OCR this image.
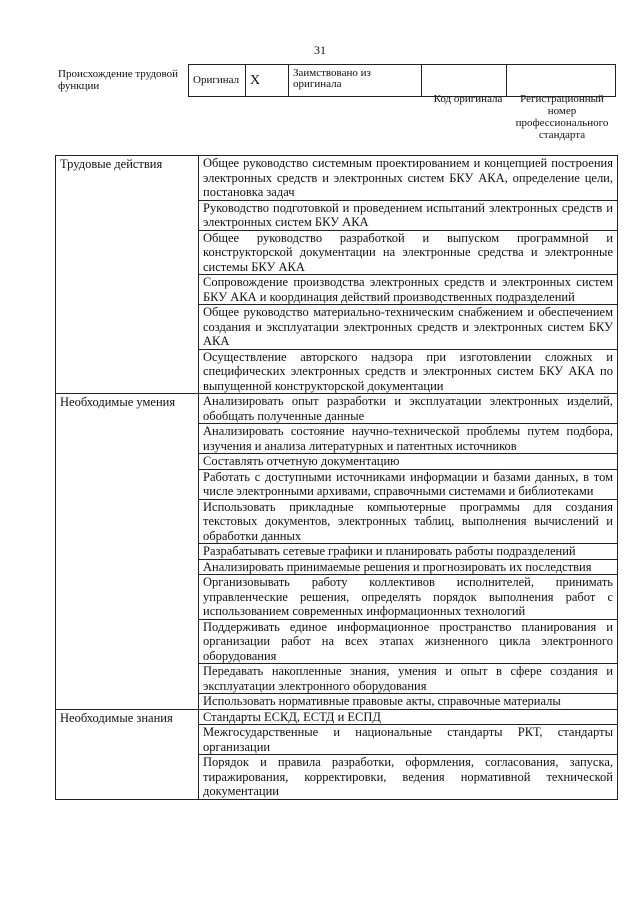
31
Происхождение трудовой функции	Оригинал	X	Заимствовано из оригинала		
Код оригинала	Регистрационный номер профессионального стандарта
Трудовые действия	Общее руководство системным проектированием и концепцией построения электронных средств и электронных систем БКУ АКА, определение цели, постановка задач
	Руководство подготовкой и проведением испытаний электронных средств и электронных систем БКУ АКА
	Общее руководство разработкой и выпуском программной и конструкторской документации на электронные средства и электронные системы БКУ АКА
	Сопровождение производства электронных средств и электронных систем БКУ АКА и координация действий производственных подразделений
	Общее руководство материально-техническим снабжением и обеспечением создания и эксплуатации электронных средств и электронных систем БКУ АКА
	Осуществление авторского надзора при изготовлении сложных и специфических электронных средств и электронных систем БКУ АКА по выпущенной конструкторской документации
Необходимые умения	Анализировать опыт разработки и эксплуатации электронных изделий, обобщать полученные данные
	Анализировать состояние научно-технической проблемы путем подбора, изучения и анализа литературных и патентных источников
	Составлять отчетную документацию
	Работать с доступными источниками информации и базами данных, в том числе электронными архивами, справочными системами и библиотеками
	Использовать прикладные компьютерные программы для создания текстовых документов, электронных таблиц, выполнения вычислений и обработки данных
	Разрабатывать сетевые графики и планировать работы подразделений
	Анализировать принимаемые решения и прогнозировать их последствия
	Организовывать работу коллективов исполнителей, принимать управленческие решения, определять порядок выполнения работ с использованием современных информационных технологий
	Поддерживать единое информационное пространство планирования и организации работ на всех этапах жизненного цикла электронного оборудования
	Передавать накопленные знания, умения и опыт в сфере создания и эксплуатации электронного оборудования
	Использовать нормативные правовые акты, справочные материалы
Необходимые знания	Стандарты ЕСКД, ЕСТД и ЕСПД
	Межгосударственные и национальные стандарты РКТ, стандарты организации
	Порядок и правила разработки, оформления, согласования, запуска, тиражирования, корректировки, ведения нормативной технической документации
